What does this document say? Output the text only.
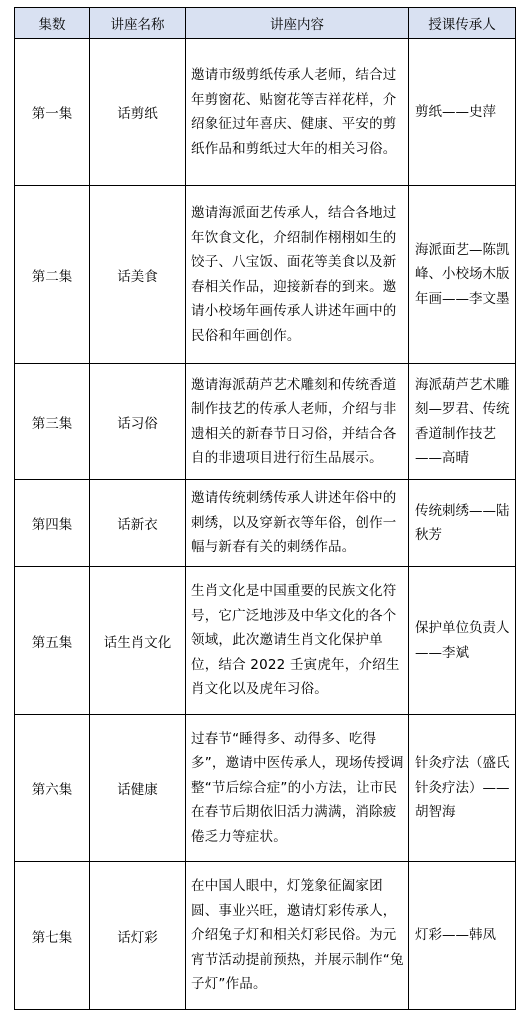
集数	讲座名称	讲座内容	授课传承人
第一集	话剪纸	邀请市级剪纸传承人老师，结合过年剪窗花、贴窗花等吉祥花样，介绍象征过年喜庆、健康、平安的剪纸作品和剪纸过大年的相关习俗。	剪纸——史萍
第二集	话美食	邀请海派面艺传承人，结合各地过年饮食文化，介绍制作栩栩如生的饺子、八宝饭、面花等美食以及新春相关作品，迎接新春的到来。邀请小校场年画传承人讲述年画中的民俗和年画创作。	海派面艺—陈凯峰、小校场木版年画——李文墨
第三集	话习俗	邀请海派葫芦艺术雕刻和传统香道制作技艺的传承人老师，介绍与非遗相关的新春节日习俗，并结合各自的非遗项目进行衍生品展示。	海派葫芦艺术雕刻—罗君、传统香道制作技艺——高晴
第四集	话新衣	邀请传统刺绣传承人讲述年俗中的刺绣，以及穿新衣等年俗，创作一幅与新春有关的刺绣作品。	传统刺绣——陆秋芳
第五集	话生肖文化	生肖文化是中国重要的民族文化符号，它广泛地涉及中华文化的各个领域，此次邀请生肖文化保护单位，结合 2022 壬寅虎年，介绍生肖文化以及虎年习俗。	保护单位负责人——李斌
第六集	话健康	过春节“睡得多、动得多、吃得多”，邀请中医传承人，现场传授调整“节后综合症”的小方法，让市民在春节后期依旧活力满满，消除疲倦乏力等症状。	针灸疗法（盛氏针灸疗法）——胡智海
第七集	话灯彩	在中国人眼中，灯笼象征阖家团圆、事业兴旺，邀请灯彩传承人，介绍兔子灯和相关灯彩民俗。为元宵节活动提前预热，并展示制作“兔子灯”作品。	灯彩——韩凤
